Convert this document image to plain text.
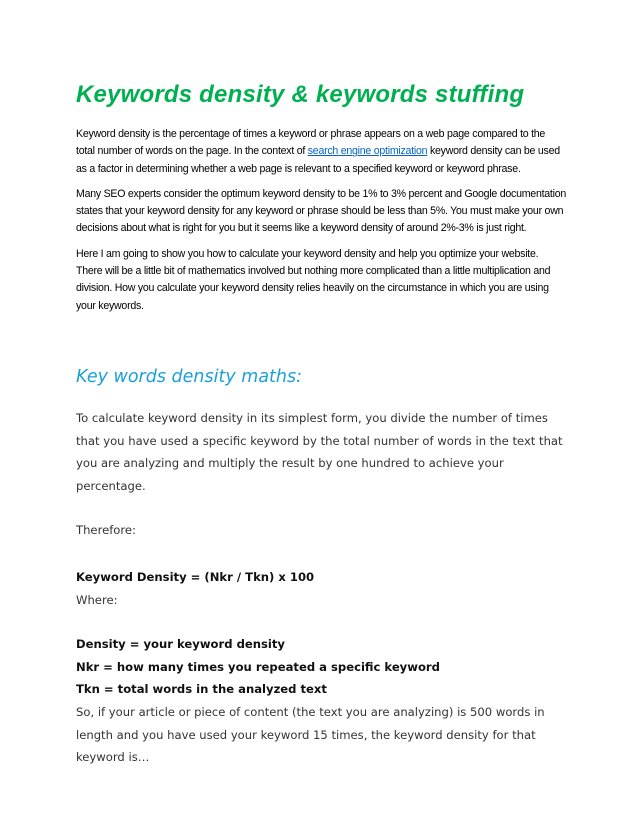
Keywords density & keywords stuffing

Keyword density is the percentage of times a keyword or phrase appears on a web page compared to the total number of words on the page. In the context of search engine optimization keyword density can be used as a factor in determining whether a web page is relevant to a specified keyword or keyword phrase.

Many SEO experts consider the optimum keyword density to be 1% to 3% percent and Google documentation states that your keyword density for any keyword or phrase should be less than 5%. You must make your own decisions about what is right for you but it seems like a keyword density of around 2%-3% is just right.

Here I am going to show you how to calculate your keyword density and help you optimize your website. There will be a little bit of mathematics involved but nothing more complicated than a little multiplication and division. How you calculate your keyword density relies heavily on the circumstance in which you are using your keywords.

Key words density maths:

To calculate keyword density in its simplest form, you divide the number of times that you have used a specific keyword by the total number of words in the text that you are analyzing and multiply the result by one hundred to achieve your percentage.

Therefore:

Keyword Density = (Nkr / Tkn) x 100
Where:

Density = your keyword density
Nkr = how many times you repeated a specific keyword
Tkn = total words in the analyzed text
So, if your article or piece of content (the text you are analyzing) is 500 words in length and you have used your keyword 15 times, the keyword density for that keyword is…
